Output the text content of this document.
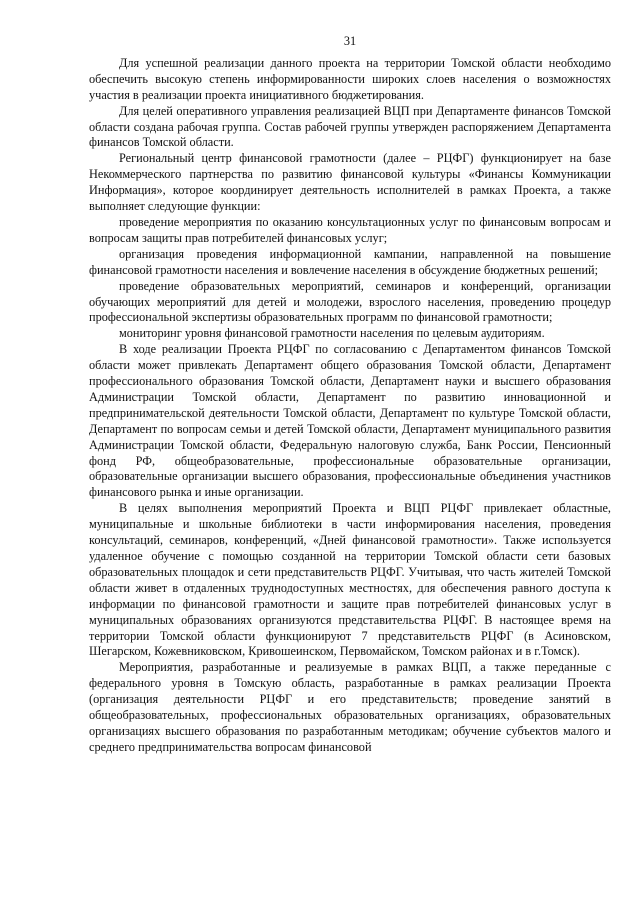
31

Для успешной реализации данного проекта на территории Томской области необходимо обеспечить высокую степень информированности широких слоев населения о возможностях участия в реализации проекта инициативного бюджетирования.

Для целей оперативного управления реализацией ВЦП при Департаменте финансов Томской области создана рабочая группа. Состав рабочей группы утвержден распоряжением Департамента финансов Томской области.

Региональный центр финансовой грамотности (далее – РЦФГ) функционирует на базе Некоммерческого партнерства по развитию финансовой культуры «Финансы Коммуникации Информация», которое координирует деятельность исполнителей в рамках Проекта, а также выполняет следующие функции:

проведение мероприятия по оказанию консультационных услуг по финансовым вопросам и вопросам защиты прав потребителей финансовых услуг;

организация проведения информационной кампании, направленной на повышение финансовой грамотности населения и вовлечение населения в обсуждение бюджетных решений;

проведение образовательных мероприятий, семинаров и конференций, организации обучающих мероприятий для детей и молодежи, взрослого населения, проведению процедур профессиональной экспертизы образовательных программ по финансовой грамотности;

мониторинг уровня финансовой грамотности населения по целевым аудиториям.

В ходе реализации Проекта РЦФГ по согласованию с Департаментом финансов Томской области может привлекать Департамент общего образования Томской области, Департамент профессионального образования Томской области, Департамент науки и высшего образования Администрации Томской области, Департамент по развитию инновационной и предпринимательской деятельности Томской области, Департамент по культуре Томской области, Департамент по вопросам семьи и детей Томской области, Департамент муниципального развития Администрации Томской области, Федеральную налоговую служба, Банк России, Пенсионный фонд РФ, общеобразовательные, профессиональные образовательные организации, образовательные организации высшего образования, профессиональные объединения участников финансового рынка и иные организации.

В целях выполнения мероприятий Проекта и ВЦП РЦФГ привлекает областные, муниципальные и школьные библиотеки в части информирования населения, проведения консультаций, семинаров, конференций, «Дней финансовой грамотности». Также используется удаленное обучение с помощью созданной на территории Томской области сети базовых образовательных площадок и сети представительств РЦФГ. Учитывая, что часть жителей Томской области живет в отдаленных труднодоступных местностях, для обеспечения равного доступа к информации по финансовой грамотности и защите прав потребителей финансовых услуг в муниципальных образованиях организуются представительства РЦФГ. В настоящее время на территории Томской области функционируют 7 представительств РЦФГ (в Асиновском, Шегарском, Кожевниковском, Кривошеинском, Первомайском, Томском районах и в г.Томск).

Мероприятия, разработанные и реализуемые в рамках ВЦП, а также переданные с федерального уровня в Томскую область, разработанные в рамках реализации Проекта (организация деятельности РЦФГ и его представительств; проведение занятий в общеобразовательных, профессиональных образовательных организациях, образовательных организациях высшего образования по разработанным методикам; обучение субъектов малого и среднего предпринимательства вопросам финансовой
